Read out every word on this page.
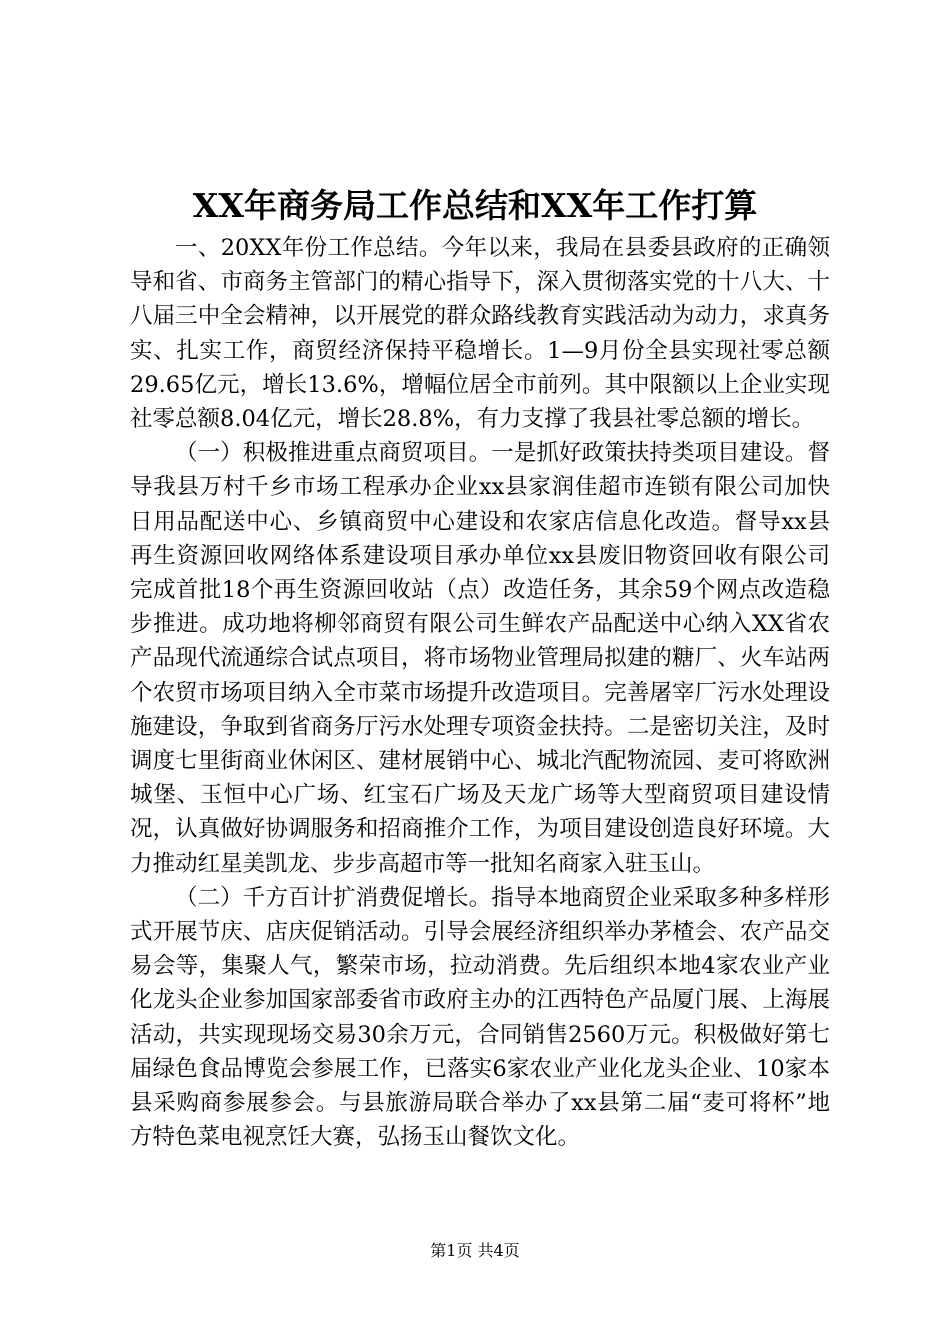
XX年商务局工作总结和XX年工作打算

一、20XX年份工作总结。今年以来，我局在县委县政府的正确领导和省、市商务主管部门的精心指导下，深入贯彻落实党的十八大、十八届三中全会精神，以开展党的群众路线教育实践活动为动力，求真务实、扎实工作，商贸经济保持平稳增长。1—9月份全县实现社零总额29.65亿元，增长13.6%，增幅位居全市前列。其中限额以上企业实现社零总额8.04亿元，增长28.8%，有力支撑了我县社零总额的增长。

（一）积极推进重点商贸项目。一是抓好政策扶持类项目建设。督导我县万村千乡市场工程承办企业xx县家润佳超市连锁有限公司加快日用品配送中心、乡镇商贸中心建设和农家店信息化改造。督导xx县再生资源回收网络体系建设项目承办单位xx县废旧物资回收有限公司完成首批18个再生资源回收站（点）改造任务，其余59个网点改造稳步推进。成功地将柳邻商贸有限公司生鲜农产品配送中心纳入XX省农产品现代流通综合试点项目，将市场物业管理局拟建的糖厂、火车站两个农贸市场项目纳入全市菜市场提升改造项目。完善屠宰厂污水处理设施建设，争取到省商务厅污水处理专项资金扶持。二是密切关注，及时调度七里街商业休闲区、建材展销中心、城北汽配物流园、麦可将欧洲城堡、玉恒中心广场、红宝石广场及天龙广场等大型商贸项目建设情况，认真做好协调服务和招商推介工作，为项目建设创造良好环境。大力推动红星美凯龙、步步高超市等一批知名商家入驻玉山。

（二）千方百计扩消费促增长。指导本地商贸企业采取多种多样形式开展节庆、店庆促销活动。引导会展经济组织举办茅楂会、农产品交易会等，集聚人气，繁荣市场，拉动消费。先后组织本地4家农业产业化龙头企业参加国家部委省市政府主办的江西特色产品厦门展、上海展活动，共实现现场交易30余万元，合同销售2560万元。积极做好第七届绿色食品博览会参展工作，已落实6家农业产业化龙头企业、10家本县采购商参展参会。与县旅游局联合举办了xx县第二届“麦可将杯”地方特色菜电视烹饪大赛，弘扬玉山餐饮文化。

第1页 共4页
